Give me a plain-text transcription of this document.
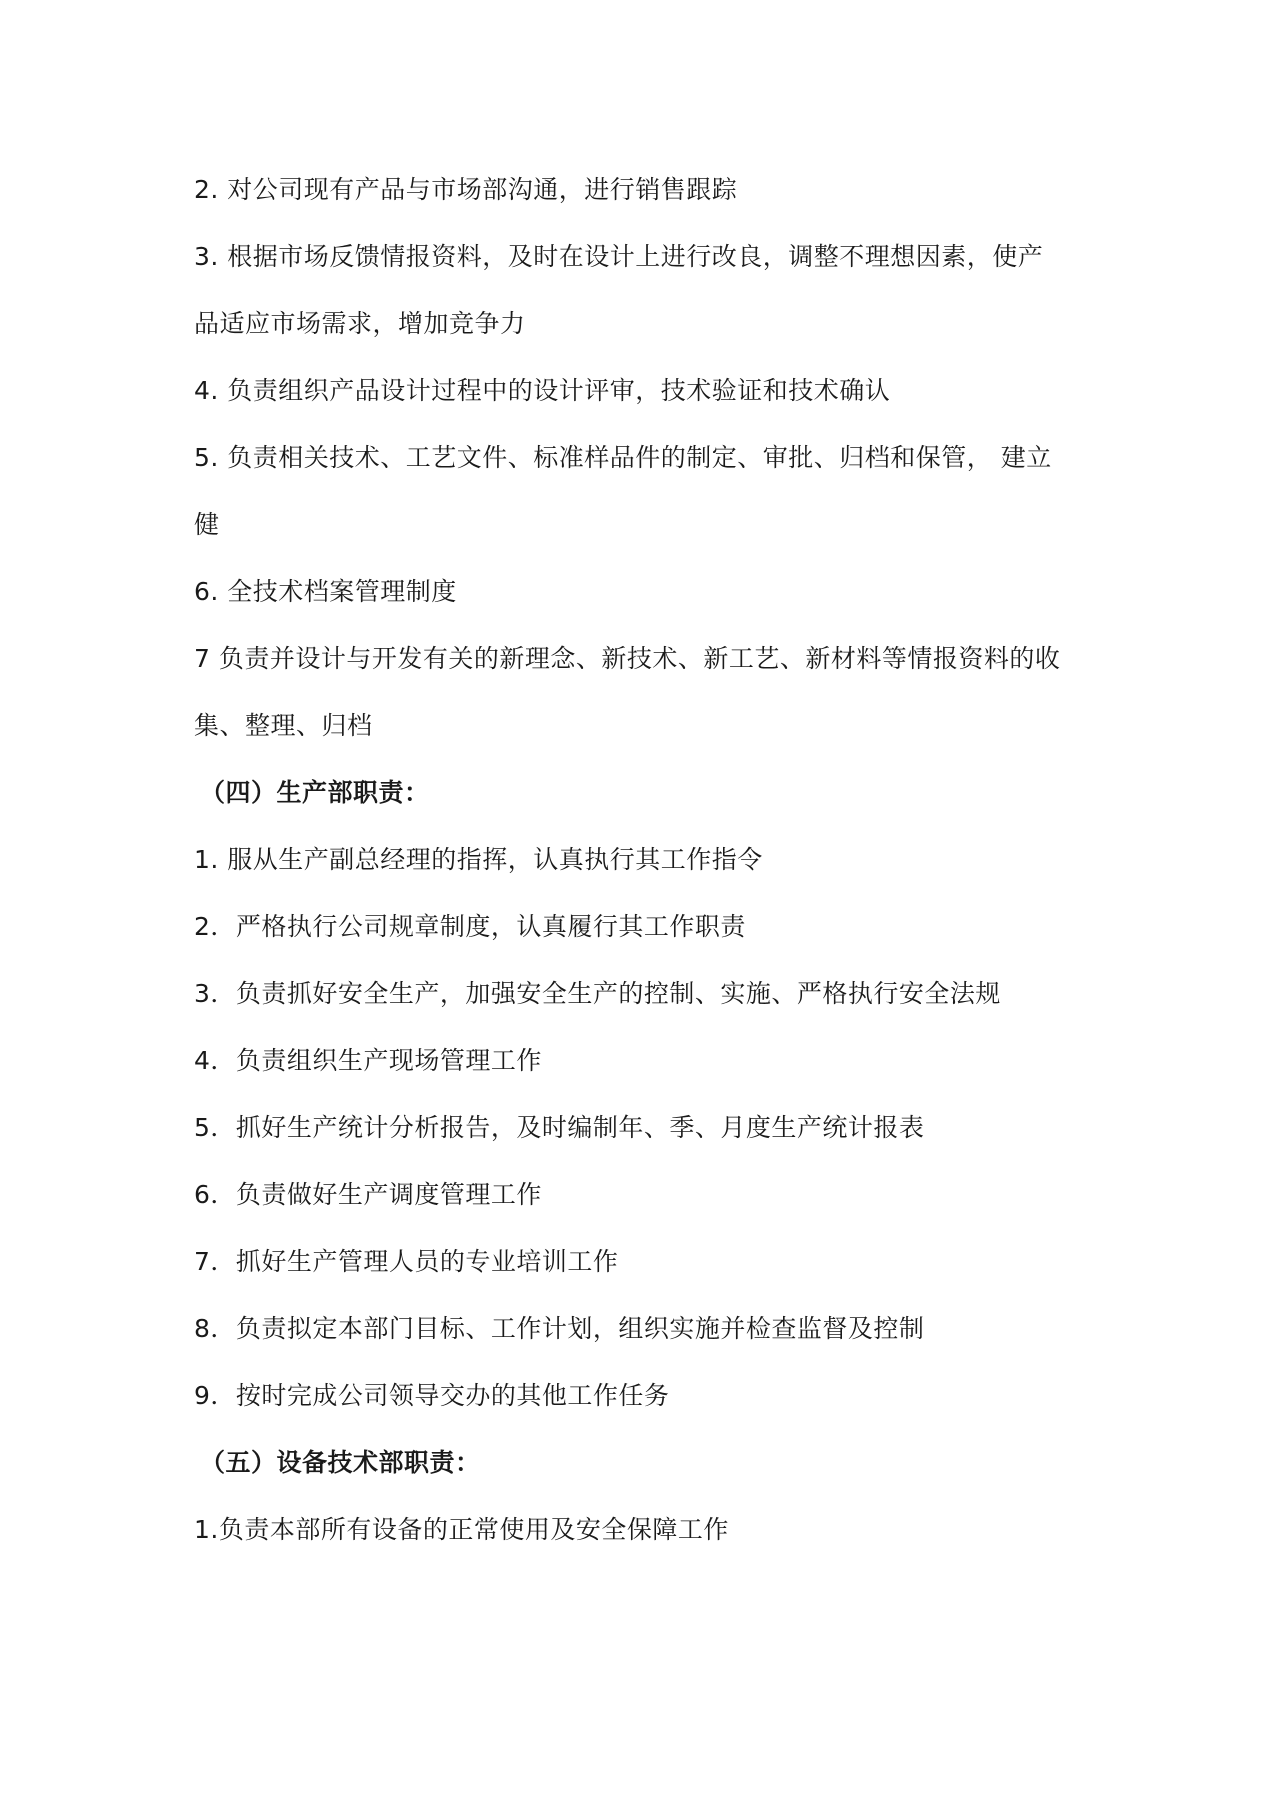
2. 对公司现有产品与市场部沟通，进行销售跟踪
3. 根据市场反馈情报资料，及时在设计上进行改良，调整不理想因素，使产
品适应市场需求，增加竞争力
4. 负责组织产品设计过程中的设计评审，技术验证和技术确认
5. 负责相关技术、工艺文件、标准样品件的制定、审批、归档和保管， 建立
健
6. 全技术档案管理制度
7 负责并设计与开发有关的新理念、新技术、新工艺、新材料等情报资料的收
集、整理、归档
（四）生产部职责：
1. 服从生产副总经理的指挥，认真执行其工作指令
2．严格执行公司规章制度，认真履行其工作职责
3．负责抓好安全生产，加强安全生产的控制、实施、严格执行安全法规
4．负责组织生产现场管理工作
5．抓好生产统计分析报告，及时编制年、季、月度生产统计报表
6．负责做好生产调度管理工作
7．抓好生产管理人员的专业培训工作
8．负责拟定本部门目标、工作计划，组织实施并检查监督及控制
9．按时完成公司领导交办的其他工作任务
（五）设备技术部职责：
1.负责本部所有设备的正常使用及安全保障工作
